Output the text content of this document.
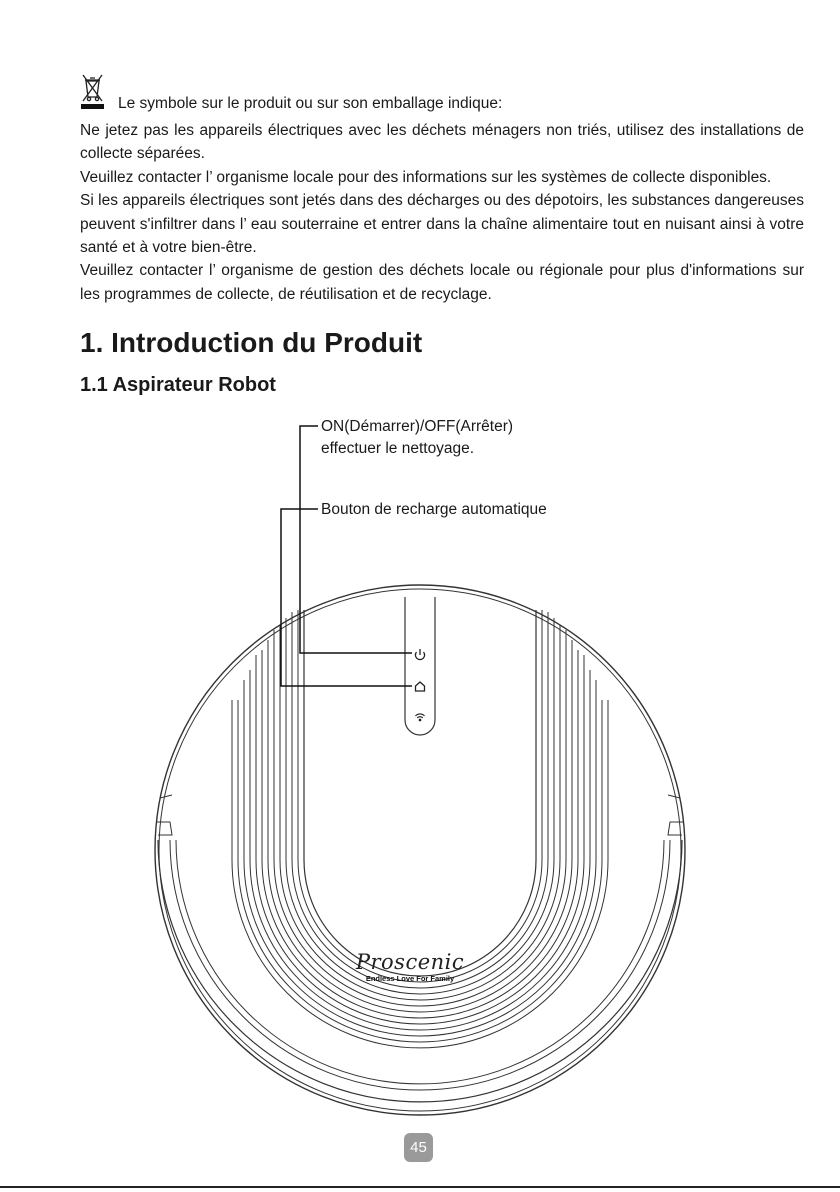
Le symbole sur le produit ou sur son emballage indique:

Ne jetez pas les appareils électriques avec les déchets ménagers non triés, utilisez des installations de collecte séparées.

Veuillez contacter l’ organisme locale pour des informations sur les systèmes de collecte disponibles.

Si les appareils électriques sont jetés dans des décharges ou des dépotoirs, les substances dangereuses peuvent s'infiltrer dans l’ eau souterraine et entrer dans la chaîne alimentaire tout en nuisant ainsi à votre santé et à votre bien-être.

Veuillez contacter l’ organisme de gestion des déchets locale ou régionale pour plus d'informations sur les programmes de collecte, de réutilisation et de recyclage.

1. Introduction du Produit
1.1 Aspirateur Robot
ON(Démarrer)/OFF(Arrêter)
effectuer le nettoyage.
Bouton de recharge automatique
Proscenic
Endless Love For Family
45
